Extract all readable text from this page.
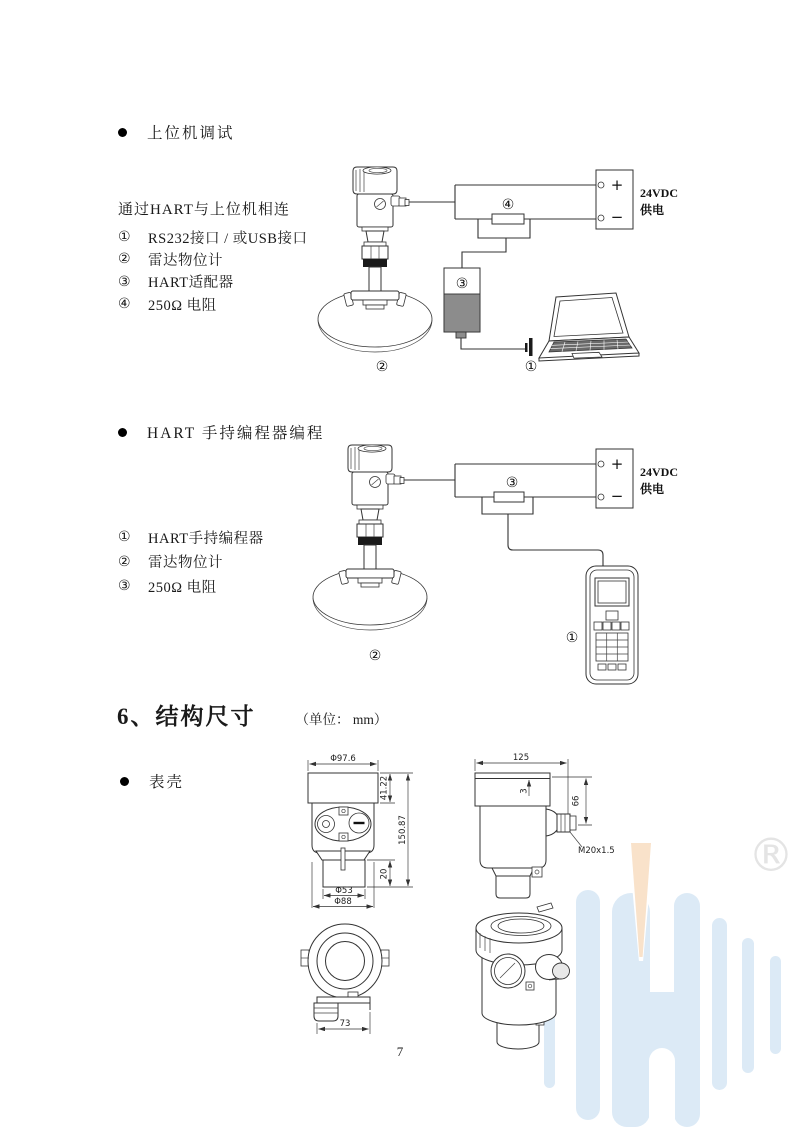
®
上位机调试
通过HART与上位机相连
①	RS232接口 / 或USB接口
②	雷达物位计
③	HART适配器
④	250Ω 电阻
+
−
24VDC
供电
③
①
②
④
HART 手持编程器编程
①	HART手持编程器
②	雷达物位计
③	250Ω 电阻
+
−
24VDC
供电
①
②
③
6、结构尺寸	（单位： mm）
表壳
Φ97.6
41.22
20
150.87
Φ53
Φ88
125
3
66
M20x1.5
73
7
